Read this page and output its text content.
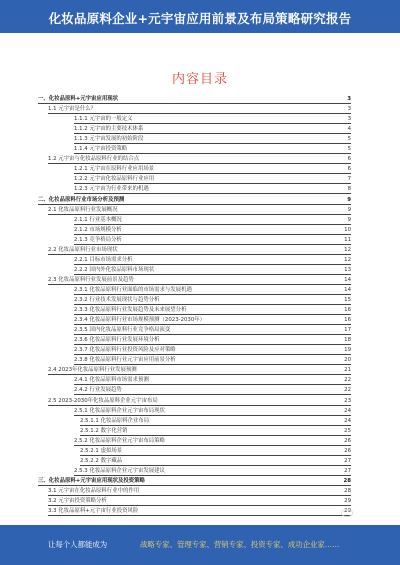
化妆品原料企业+元宇宙应用前景及布局策略研究报告
内容目录
一、化妆品原料+元宇宙应用现状	3
1.1 元宇宙是什么？	3
1.1.1 元宇宙的一般定义	3
1.1.2 元宇宙的主要技术体系	4
1.1.3 元宇宙发展的初始阶段	5
1.1.4 元宇宙投资策略	5
1.2 元宇宙与化妆品原料行业的结合点	6
1.2.1 元宇宙在原料行业应用场景	6
1.2.2 元宇宙化妆品原料行业应用	7
1.2.3 元宇宙为行业带来的机遇	8
二、化妆品原料行业市场分析及预测	9
2.1 化妆品原料行业发展概况	9
2.1.1 行业基本概况	9
2.1.2 市场规模分析	10
2.1.3 竞争格局分析	11
2.2 化妆品原料行业市场现状	12
2.2.1 目标市场需求分析	12
2.2.2 国内外化妆品原料市场现状	13
2.3 化妆品原料行业发展前景及趋势	14
2.3.1 化妆品原料行业面临的市场需求与发展机遇	14
2.3.2 行业技术发展现状与趋势分析	15
2.3.3 化妆品原料行业发展趋势及未来展望分析	16
2.3.4 化妆品原料行业市场规模预测（2023-2030年）	16
2.3.5 国内化妆品原料行业竞争格局演变	17
2.3.6 化妆品原料行业发展环境分析	18
2.3.7 化妆品原料行业投资风险及应对策略	19
2.3.8 化妆品原料行业元宇宙应用前景分析	20
2.4 2023年化妆品原料行业发展预测	21
2.4.1 化妆品原料市场需求预测	22
2.4.2 行业发展趋势	22
2.5 2023-2030年化妆品原料企业元宇宙布局	23
2.5.1 化妆品原料企业元宇宙布局现状	24
2.5.1.1 化妆品原料企业布局	24
2.5.1.2 数字化营销	25
2.5.2 化妆品原料企业元宇宙布局策略	26
2.5.2.1 虚拟场景	26
2.5.2.2 数字藏品	27
2.5.3 化妆品原料企业元宇宙发展建议	27
三、化妆品原料+元宇宙应用现状及投资策略	28
3.1 元宇宙在化妆品原料行业中的作用	28
3.2 元宇宙投资策略分析	29
3.3 化妆品原料+元宇宙行业投资风险	29
让每个人都能成为	战略专家、管理专家、营销专家、投资专家、成功企业家……
